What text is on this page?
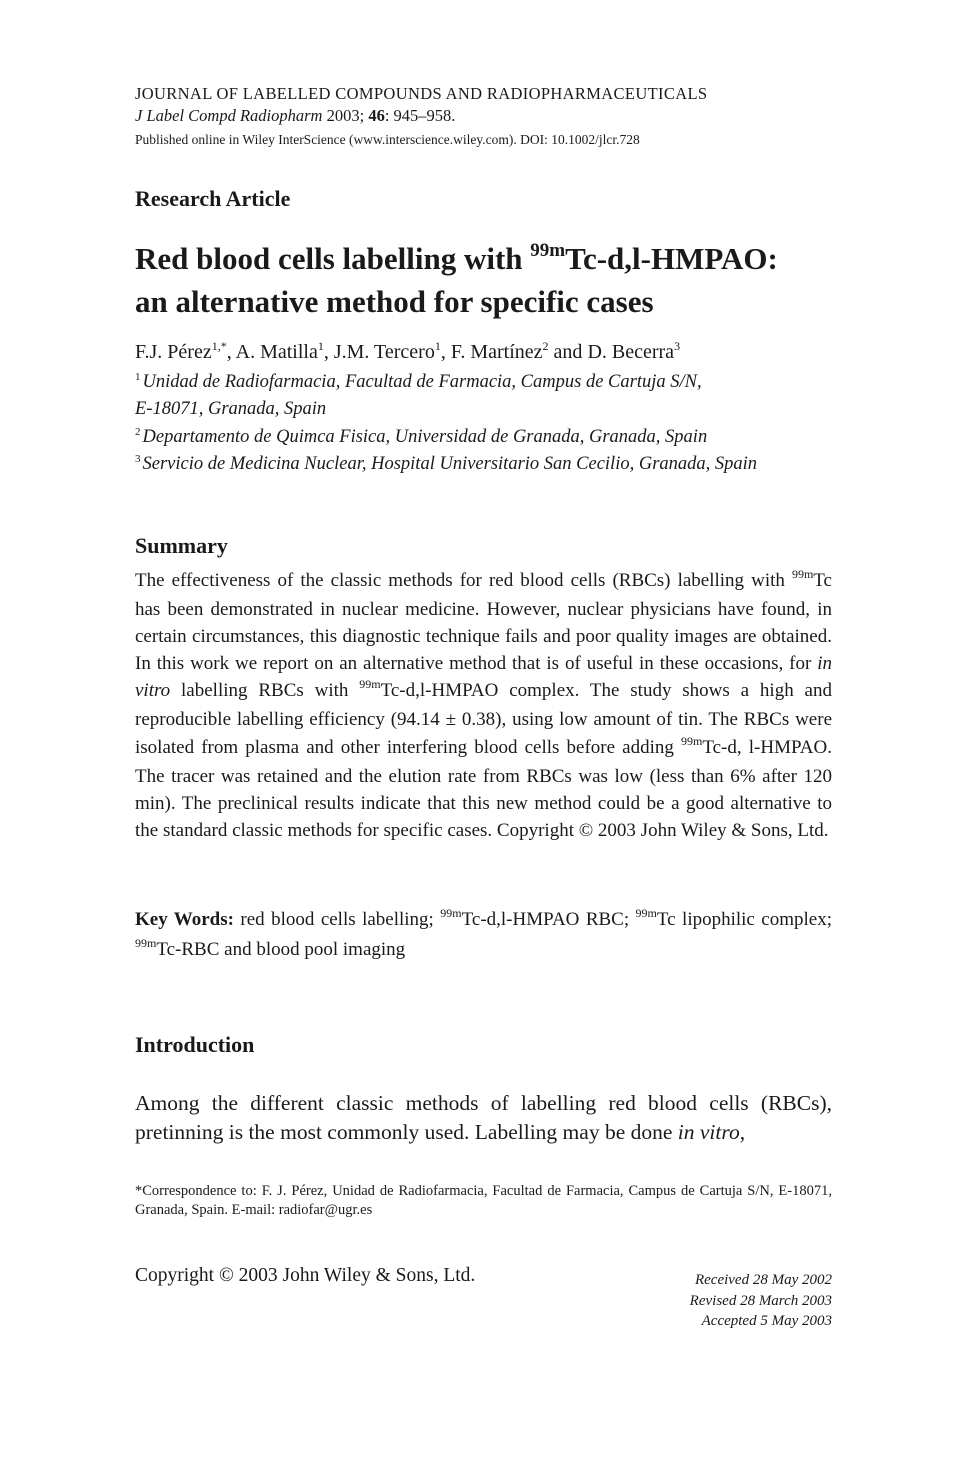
JOURNAL OF LABELLED COMPOUNDS AND RADIOPHARMACEUTICALS
J Label Compd Radiopharm 2003; 46: 945–958.
Published online in Wiley InterScience (www.interscience.wiley.com). DOI: 10.1002/jlcr.728
Research Article
Red blood cells labelling with $^{99m}$Tc-d,l-HMPAO:
an alternative method for specific cases
F.J. Pérez$^{1,*}$, A. Matilla$^1$, J.M. Tercero$^1$, F. Martínez$^2$ and D. Becerra$^3$
$^1$ Unidad de Radiofarmacia, Facultad de Farmacia, Campus de Cartuja S/N,
E-18071, Granada, Spain
$^2$ Departamento de Quimca Fisica, Universidad de Granada, Granada, Spain
$^3$ Servicio de Medicina Nuclear, Hospital Universitario San Cecilio, Granada, Spain
Summary
The effectiveness of the classic methods for red blood cells (RBCs) labelling with $^{99m}$Tc has been demonstrated in nuclear medicine. However, nuclear physicians have found, in certain circumstances, this diagnostic technique fails and poor quality images are obtained. In this work we report on an alternative method that is of useful in these occasions, for in vitro labelling RBCs with $^{99m}$Tc-d,l-HMPAO complex. The study shows a high and reproducible labelling efficiency (94.14 ± 0.38), using low amount of tin. The RBCs were isolated from plasma and other interfering blood cells before adding $^{99m}$Tc-d, l-HMPAO. The tracer was retained and the elution rate from RBCs was low (less than 6% after 120 min). The preclinical results indicate that this new method could be a good alternative to the standard classic methods for specific cases. Copyright © 2003 John Wiley & Sons, Ltd.
Key Words: red blood cells labelling; $^{99m}$Tc-d,l-HMPAO RBC; $^{99m}$Tc lipophilic complex; $^{99m}$Tc-RBC and blood pool imaging
Introduction
Among the different classic methods of labelling red blood cells (RBCs), pretinning is the most commonly used. Labelling may be done in vitro,
*Correspondence to: F. J. Pérez, Unidad de Radiofarmacia, Facultad de Farmacia, Campus de Cartuja S/N, E-18071, Granada, Spain. E-mail: radiofar@ugr.es
Copyright © 2003 John Wiley & Sons, Ltd.	Received 28 May 2002
Revised 28 March 2003
Accepted 5 May 2003
